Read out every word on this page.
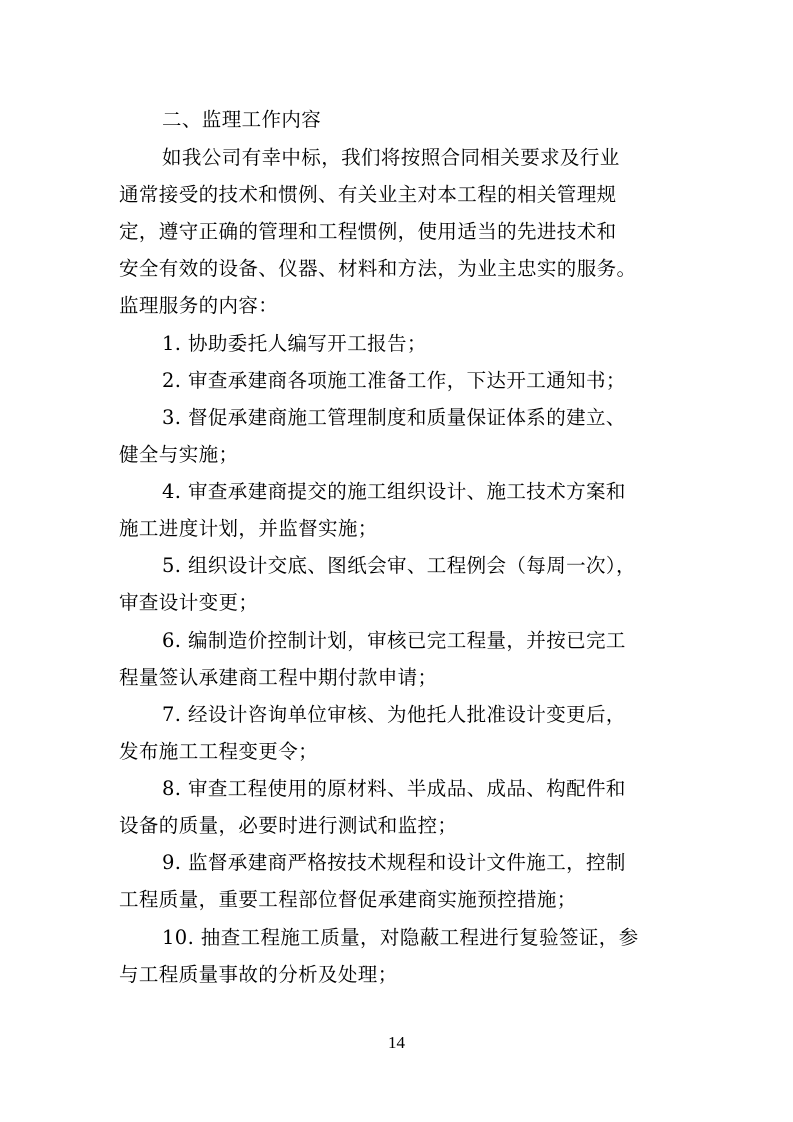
二、监理工作内容
如我公司有幸中标，我们将按照合同相关要求及行业
通常接受的技术和惯例、有关业主对本工程的相关管理规
定，遵守正确的管理和工程惯例，使用适当的先进技术和
安全有效的设备、仪器、材料和方法，为业主忠实的服务。
监理服务的内容：
1. 协助委托人编写开工报告；
2. 审查承建商各项施工准备工作，下达开工通知书；
3. 督促承建商施工管理制度和质量保证体系的建立、
健全与实施；
4. 审查承建商提交的施工组织设计、施工技术方案和
施工进度计划，并监督实施；
5. 组织设计交底、图纸会审、工程例会（每周一次），
审查设计变更；
6. 编制造价控制计划，审核已完工程量，并按已完工
程量签认承建商工程中期付款申请；
7. 经设计咨询单位审核、为他托人批准设计变更后，
发布施工工程变更令；
8. 审查工程使用的原材料、半成品、成品、构配件和
设备的质量，必要时进行测试和监控；
9. 监督承建商严格按技术规程和设计文件施工，控制
工程质量，重要工程部位督促承建商实施预控措施；
10. 抽查工程施工质量，对隐蔽工程进行复验签证，参
与工程质量事故的分析及处理；
14
